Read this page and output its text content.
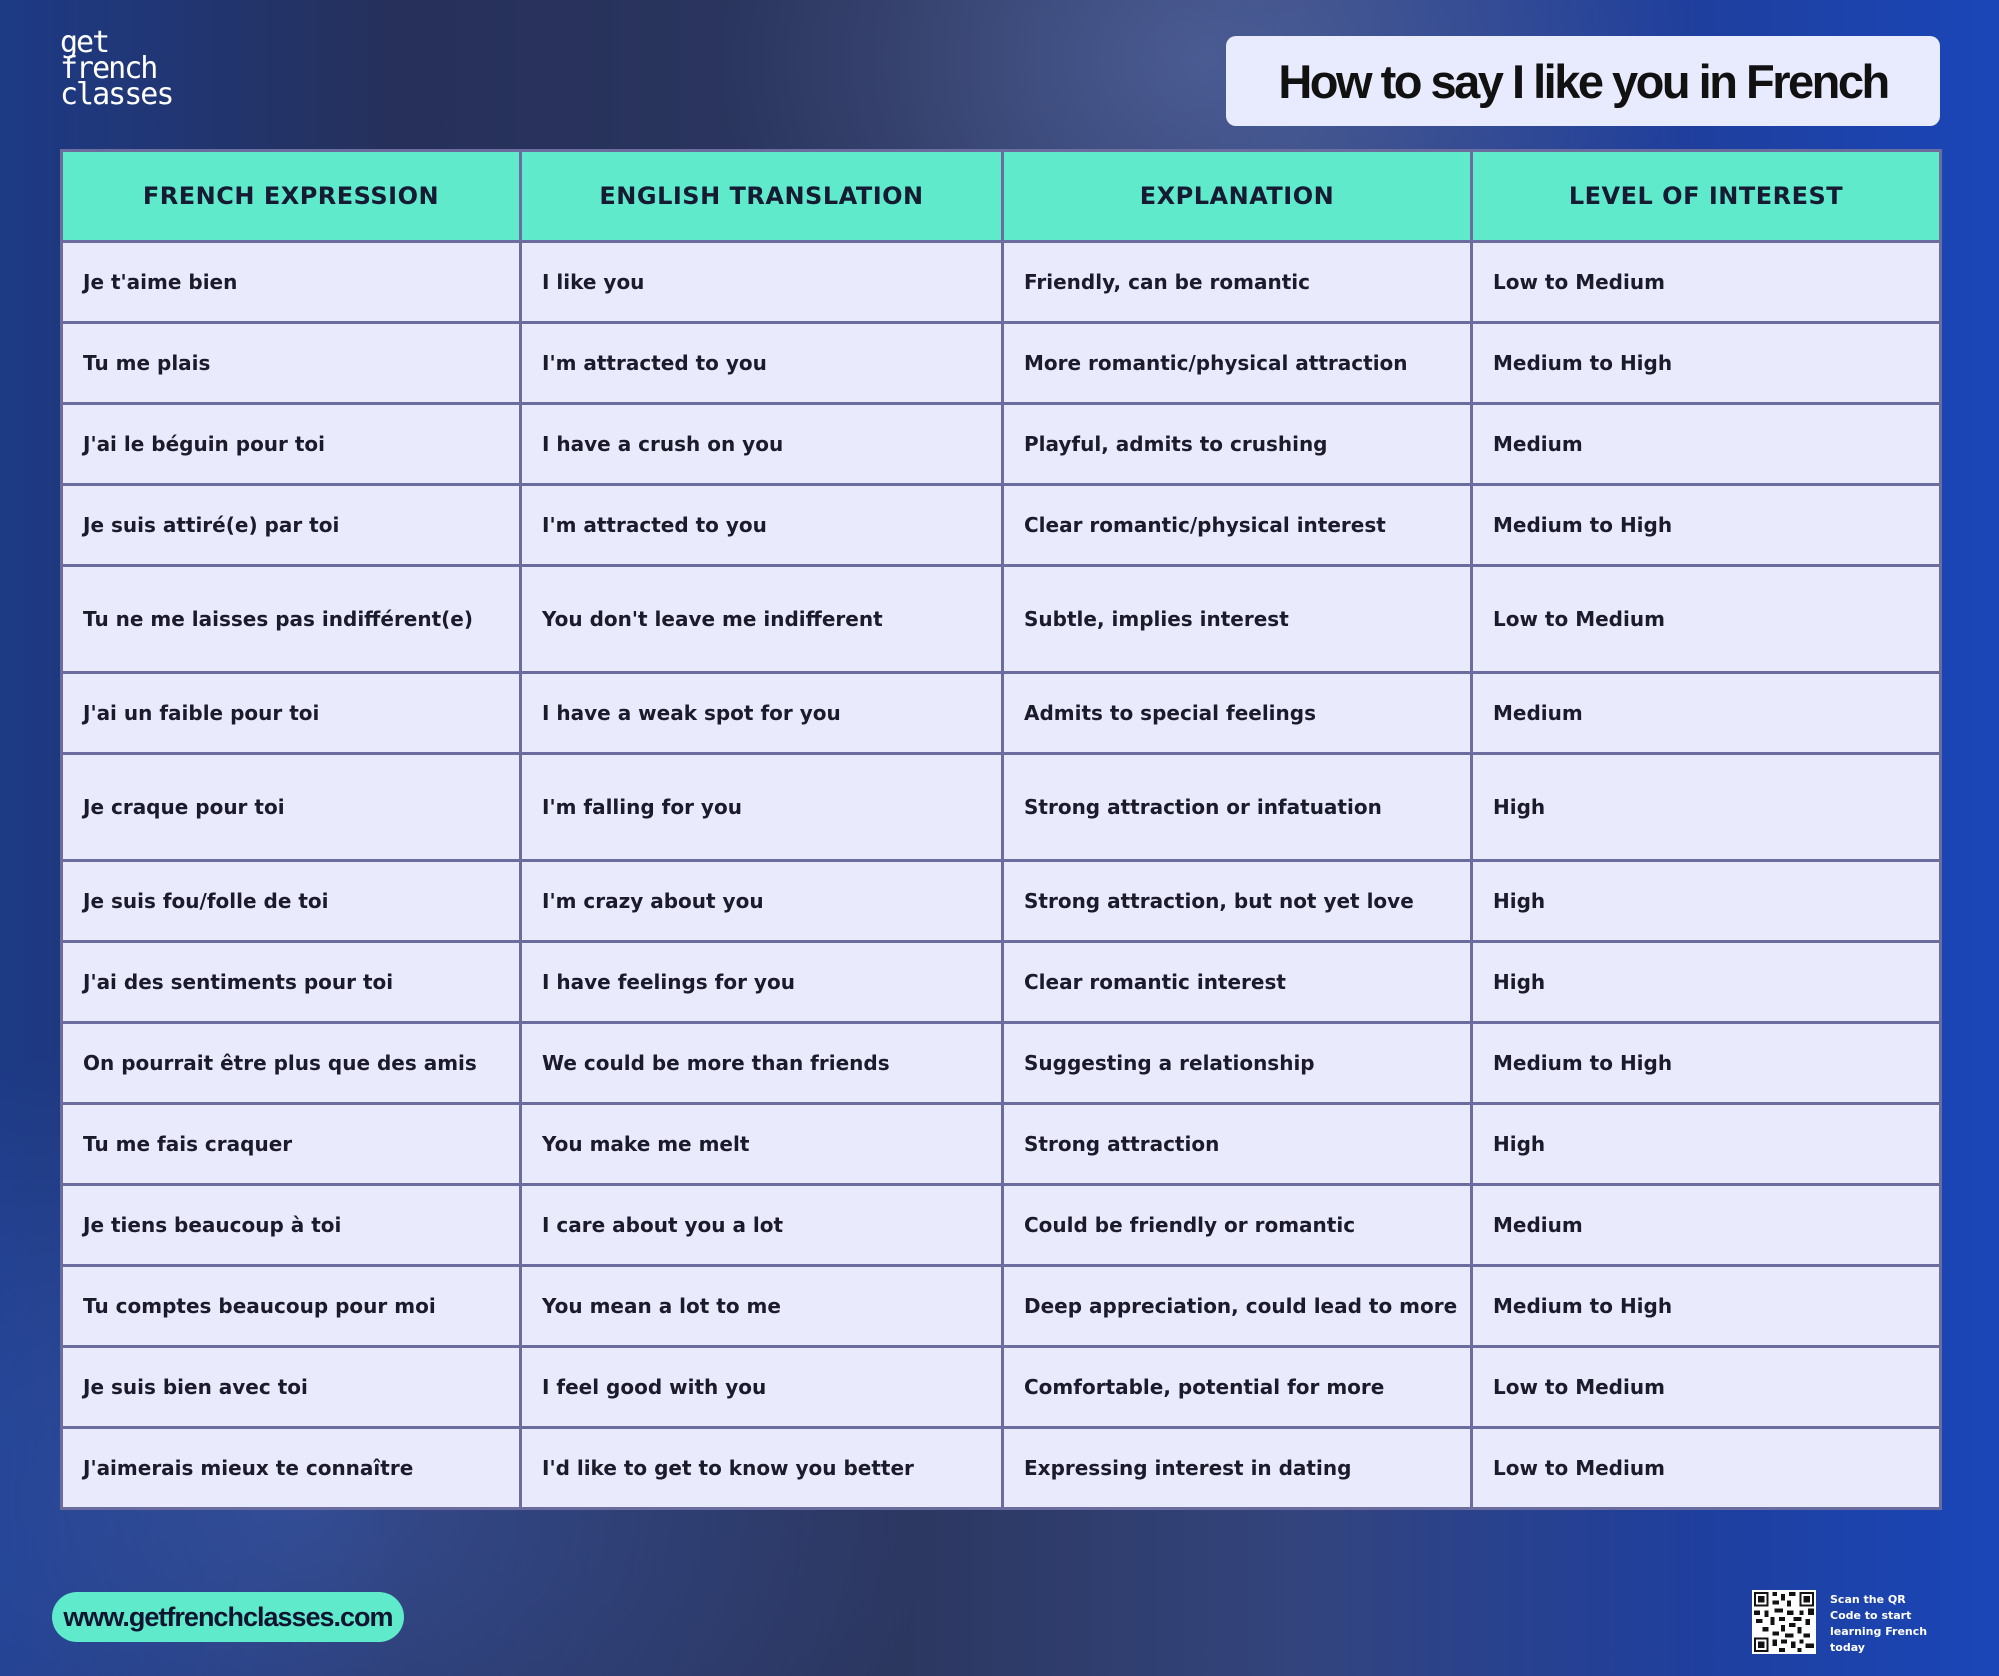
get
french
classes	How to say I like you in French
FRENCH EXPRESSION	ENGLISH TRANSLATION	EXPLANATION	LEVEL OF INTEREST
Je t'aime bien	I like you	Friendly, can be romantic	Low to Medium
Tu me plais	I'm attracted to you	More romantic/physical attraction	Medium to High
J'ai le béguin pour toi	I have a crush on you	Playful, admits to crushing	Medium
Je suis attiré(e) par toi	I'm attracted to you	Clear romantic/physical interest	Medium to High
Tu ne me laisses pas indifférent(e)	You don't leave me indifferent	Subtle, implies interest	Low to Medium
J'ai un faible pour toi	I have a weak spot for you	Admits to special feelings	Medium
Je craque pour toi	I'm falling for you	Strong attraction or infatuation	High
Je suis fou/folle de toi	I'm crazy about you	Strong attraction, but not yet love	High
J'ai des sentiments pour toi	I have feelings for you	Clear romantic interest	High
On pourrait être plus que des amis	We could be more than friends	Suggesting a relationship	Medium to High
Tu me fais craquer	You make me melt	Strong attraction	High
Je tiens beaucoup à toi	I care about you a lot	Could be friendly or romantic	Medium
Tu comptes beaucoup pour moi	You mean a lot to me	Deep appreciation, could lead to more	Medium to High
Je suis bien avec toi	I feel good with you	Comfortable, potential for more	Low to Medium
J'aimerais mieux te connaître	I'd like to get to know you better	Expressing interest in dating	Low to Medium
www.getfrenchclasses.com
Scan the QR Code to start learning French today
